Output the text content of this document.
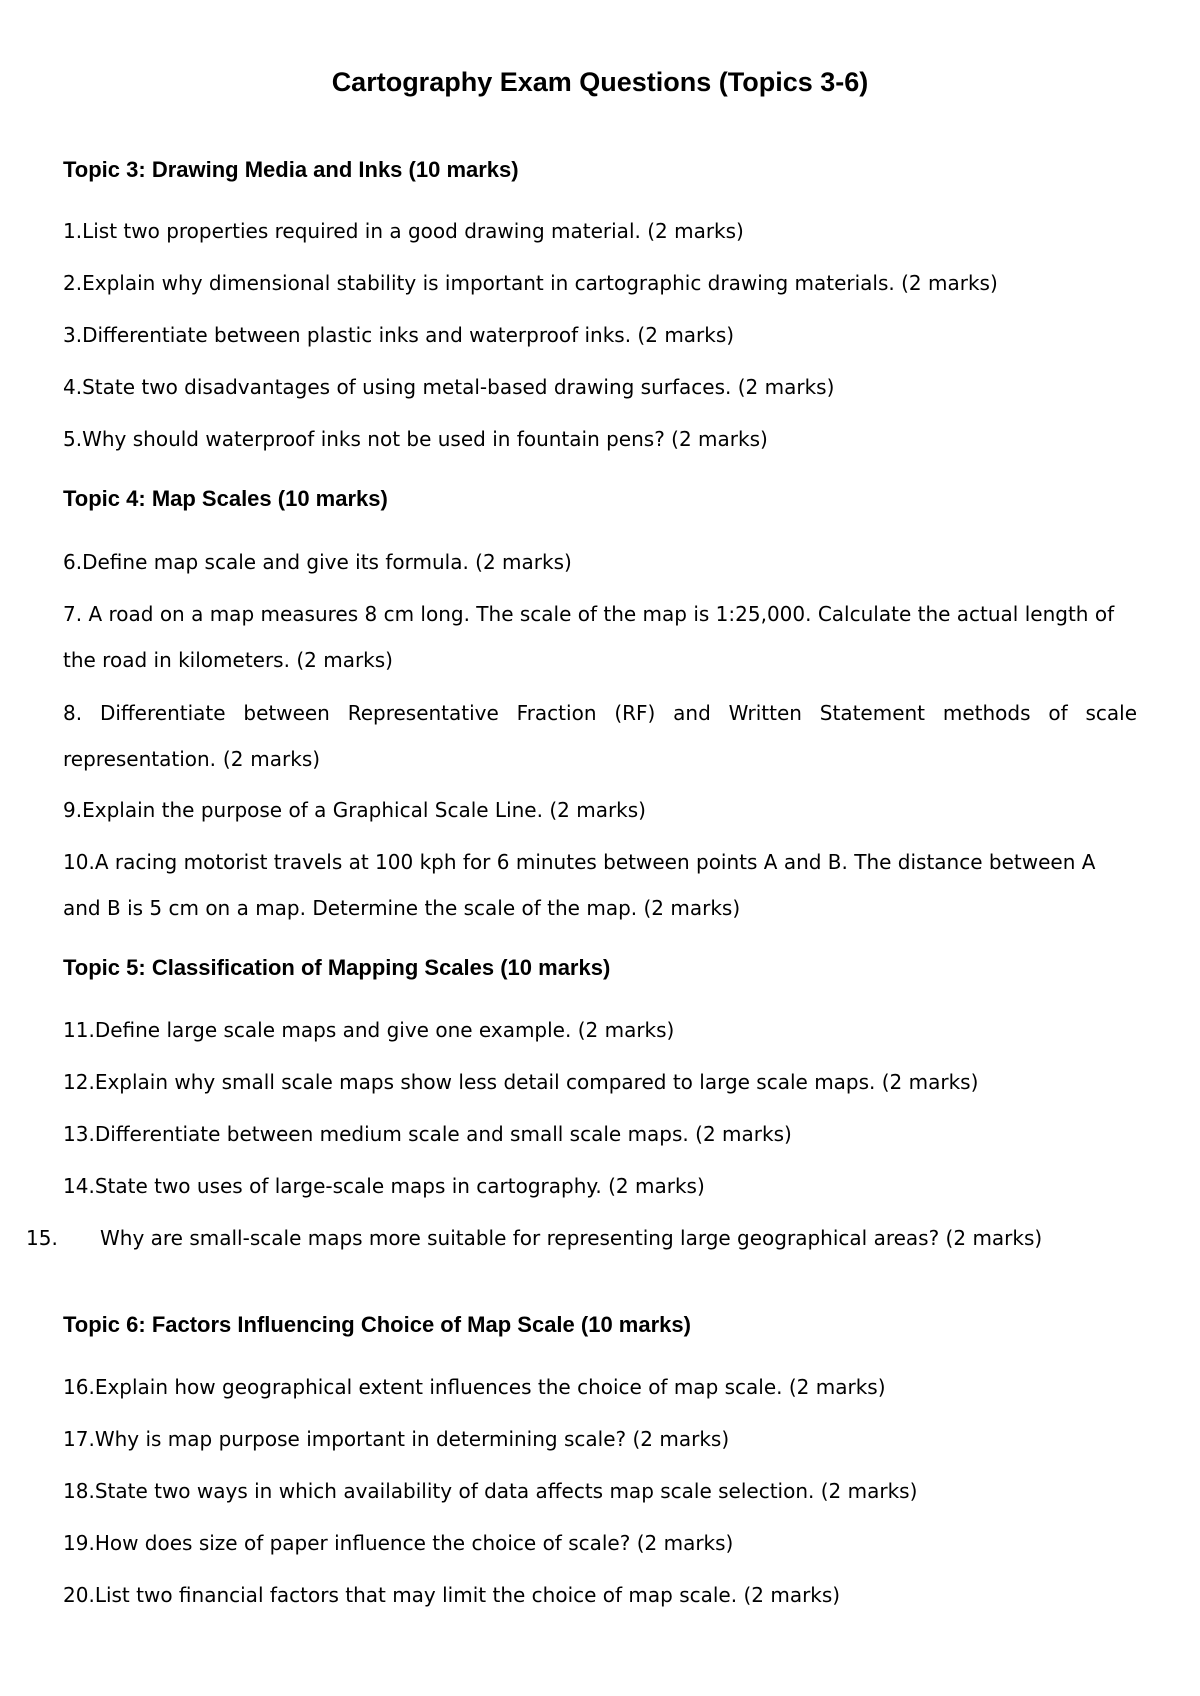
Cartography Exam Questions (Topics 3-6)
Topic 3: Drawing Media and Inks (10 marks)
1.List two properties required in a good drawing material. (2 marks)
2.Explain why dimensional stability is important in cartographic drawing materials. (2 marks)
3.Differentiate between plastic inks and waterproof inks. (2 marks)
4.State two disadvantages of using metal-based drawing surfaces. (2 marks)
5.Why should waterproof inks not be used in fountain pens? (2 marks)
Topic 4: Map Scales (10 marks)
6.Define map scale and give its formula. (2 marks)
7. A road on a map measures 8 cm long. The scale of the map is 1:25,000. Calculate the actual length of the road in kilometers. (2 marks)
8. Differentiate between Representative Fraction (RF) and Written Statement methods of scale representation. (2 marks)
9.Explain the purpose of a Graphical Scale Line. (2 marks)
10.A racing motorist travels at 100 kph for 6 minutes between points A and B. The distance between A and B is 5 cm on a map. Determine the scale of the map. (2 marks)
Topic 5: Classification of Mapping Scales (10 marks)
11.Define large scale maps and give one example. (2 marks)
12.Explain why small scale maps show less detail compared to large scale maps. (2 marks)
13.Differentiate between medium scale and small scale maps. (2 marks)
14.State two uses of large-scale maps in cartography. (2 marks)
15. Why are small-scale maps more suitable for representing large geographical areas? (2 marks)
Topic 6: Factors Influencing Choice of Map Scale (10 marks)
16.Explain how geographical extent influences the choice of map scale. (2 marks)
17.Why is map purpose important in determining scale? (2 marks)
18.State two ways in which availability of data affects map scale selection. (2 marks)
19.How does size of paper influence the choice of scale? (2 marks)
20.List two financial factors that may limit the choice of map scale. (2 marks)
